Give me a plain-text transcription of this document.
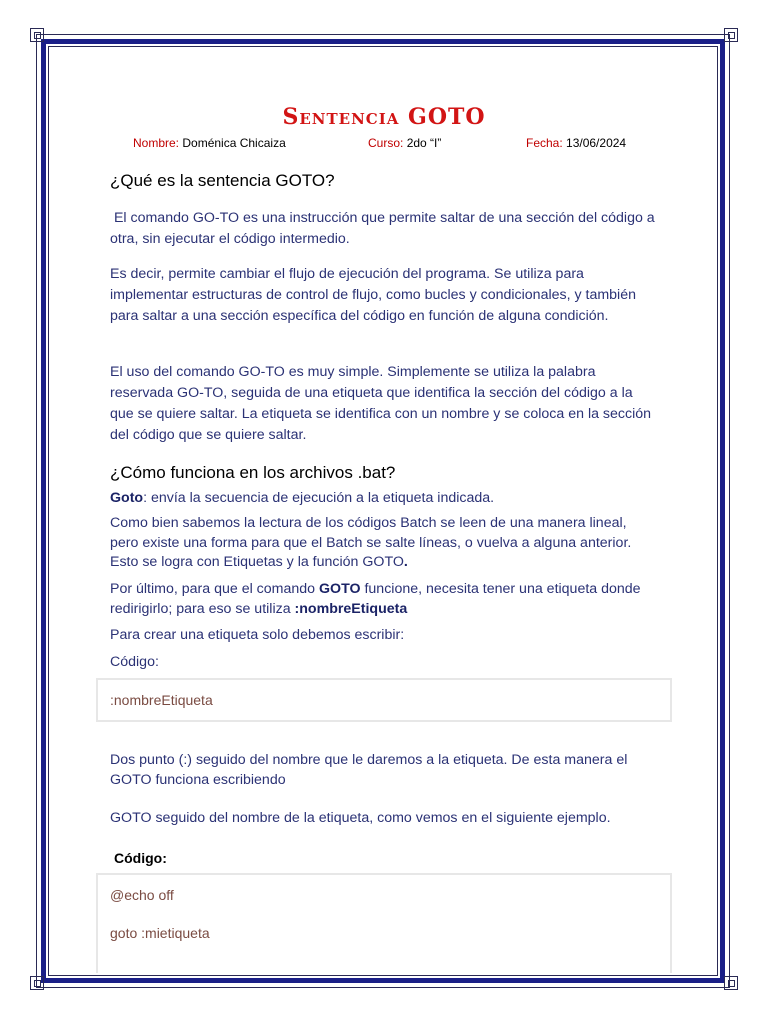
Sentencia GOTO
Nombre: Doménica Chicaiza	Curso: 2do “I”	Fecha: 13/06/2024
¿Qué es la sentencia GOTO?

El comando GO-TO es una instrucción que permite saltar de una sección del código a otra, sin ejecutar el código intermedio.

Es decir, permite cambiar el flujo de ejecución del programa. Se utiliza para implementar estructuras de control de flujo, como bucles y condicionales, y también para saltar a una sección específica del código en función de alguna condición.

El uso del comando GO-TO es muy simple. Simplemente se utiliza la palabra reservada GO-TO, seguida de una etiqueta que identifica la sección del código a la que se quiere saltar. La etiqueta se identifica con un nombre y se coloca en la sección del código que se quiere saltar.

¿Cómo funciona en los archivos .bat?

Goto: envía la secuencia de ejecución a la etiqueta indicada.

Como bien sabemos la lectura de los códigos Batch se leen de una manera lineal, pero existe una forma para que el Batch se salte líneas, o vuelva a alguna anterior. Esto se logra con Etiquetas y la función GOTO.

Por último, para que el comando GOTO funcione, necesita tener una etiqueta donde redirigirlo; para eso se utiliza :nombreEtiqueta

Para crear una etiqueta solo debemos escribir:

Código:

:nombreEtiqueta

Dos punto (:) seguido del nombre que le daremos a la etiqueta. De esta manera el GOTO funciona escribiendo

GOTO seguido del nombre de la etiqueta, como vemos en el siguiente ejemplo.

Código:
@echo off
goto :mietiqueta
